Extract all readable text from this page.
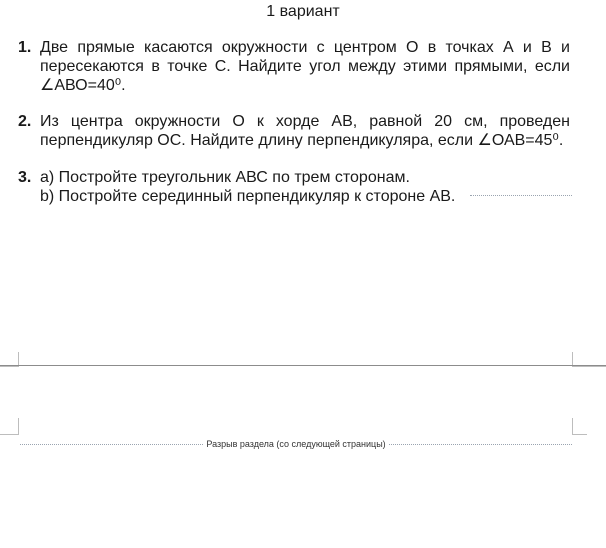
1 вариант
1. Две прямые касаются окружности с центром О в точках А и В и
пересекаются в точке С. Найдите угол между этими прямыми, если
∠АВО=40⁰.
2. Из центра окружности О к хорде АВ, равной 20 см, проведен
перпендикуляр ОС. Найдите длину перпендикуляра, если ∠ОАВ=45⁰.
3. а) Постройте треугольник АВС по трем сторонам.
b) Постройте серединный перпендикуляр к стороне АВ.
Разрыв раздела (со следующей страницы)
